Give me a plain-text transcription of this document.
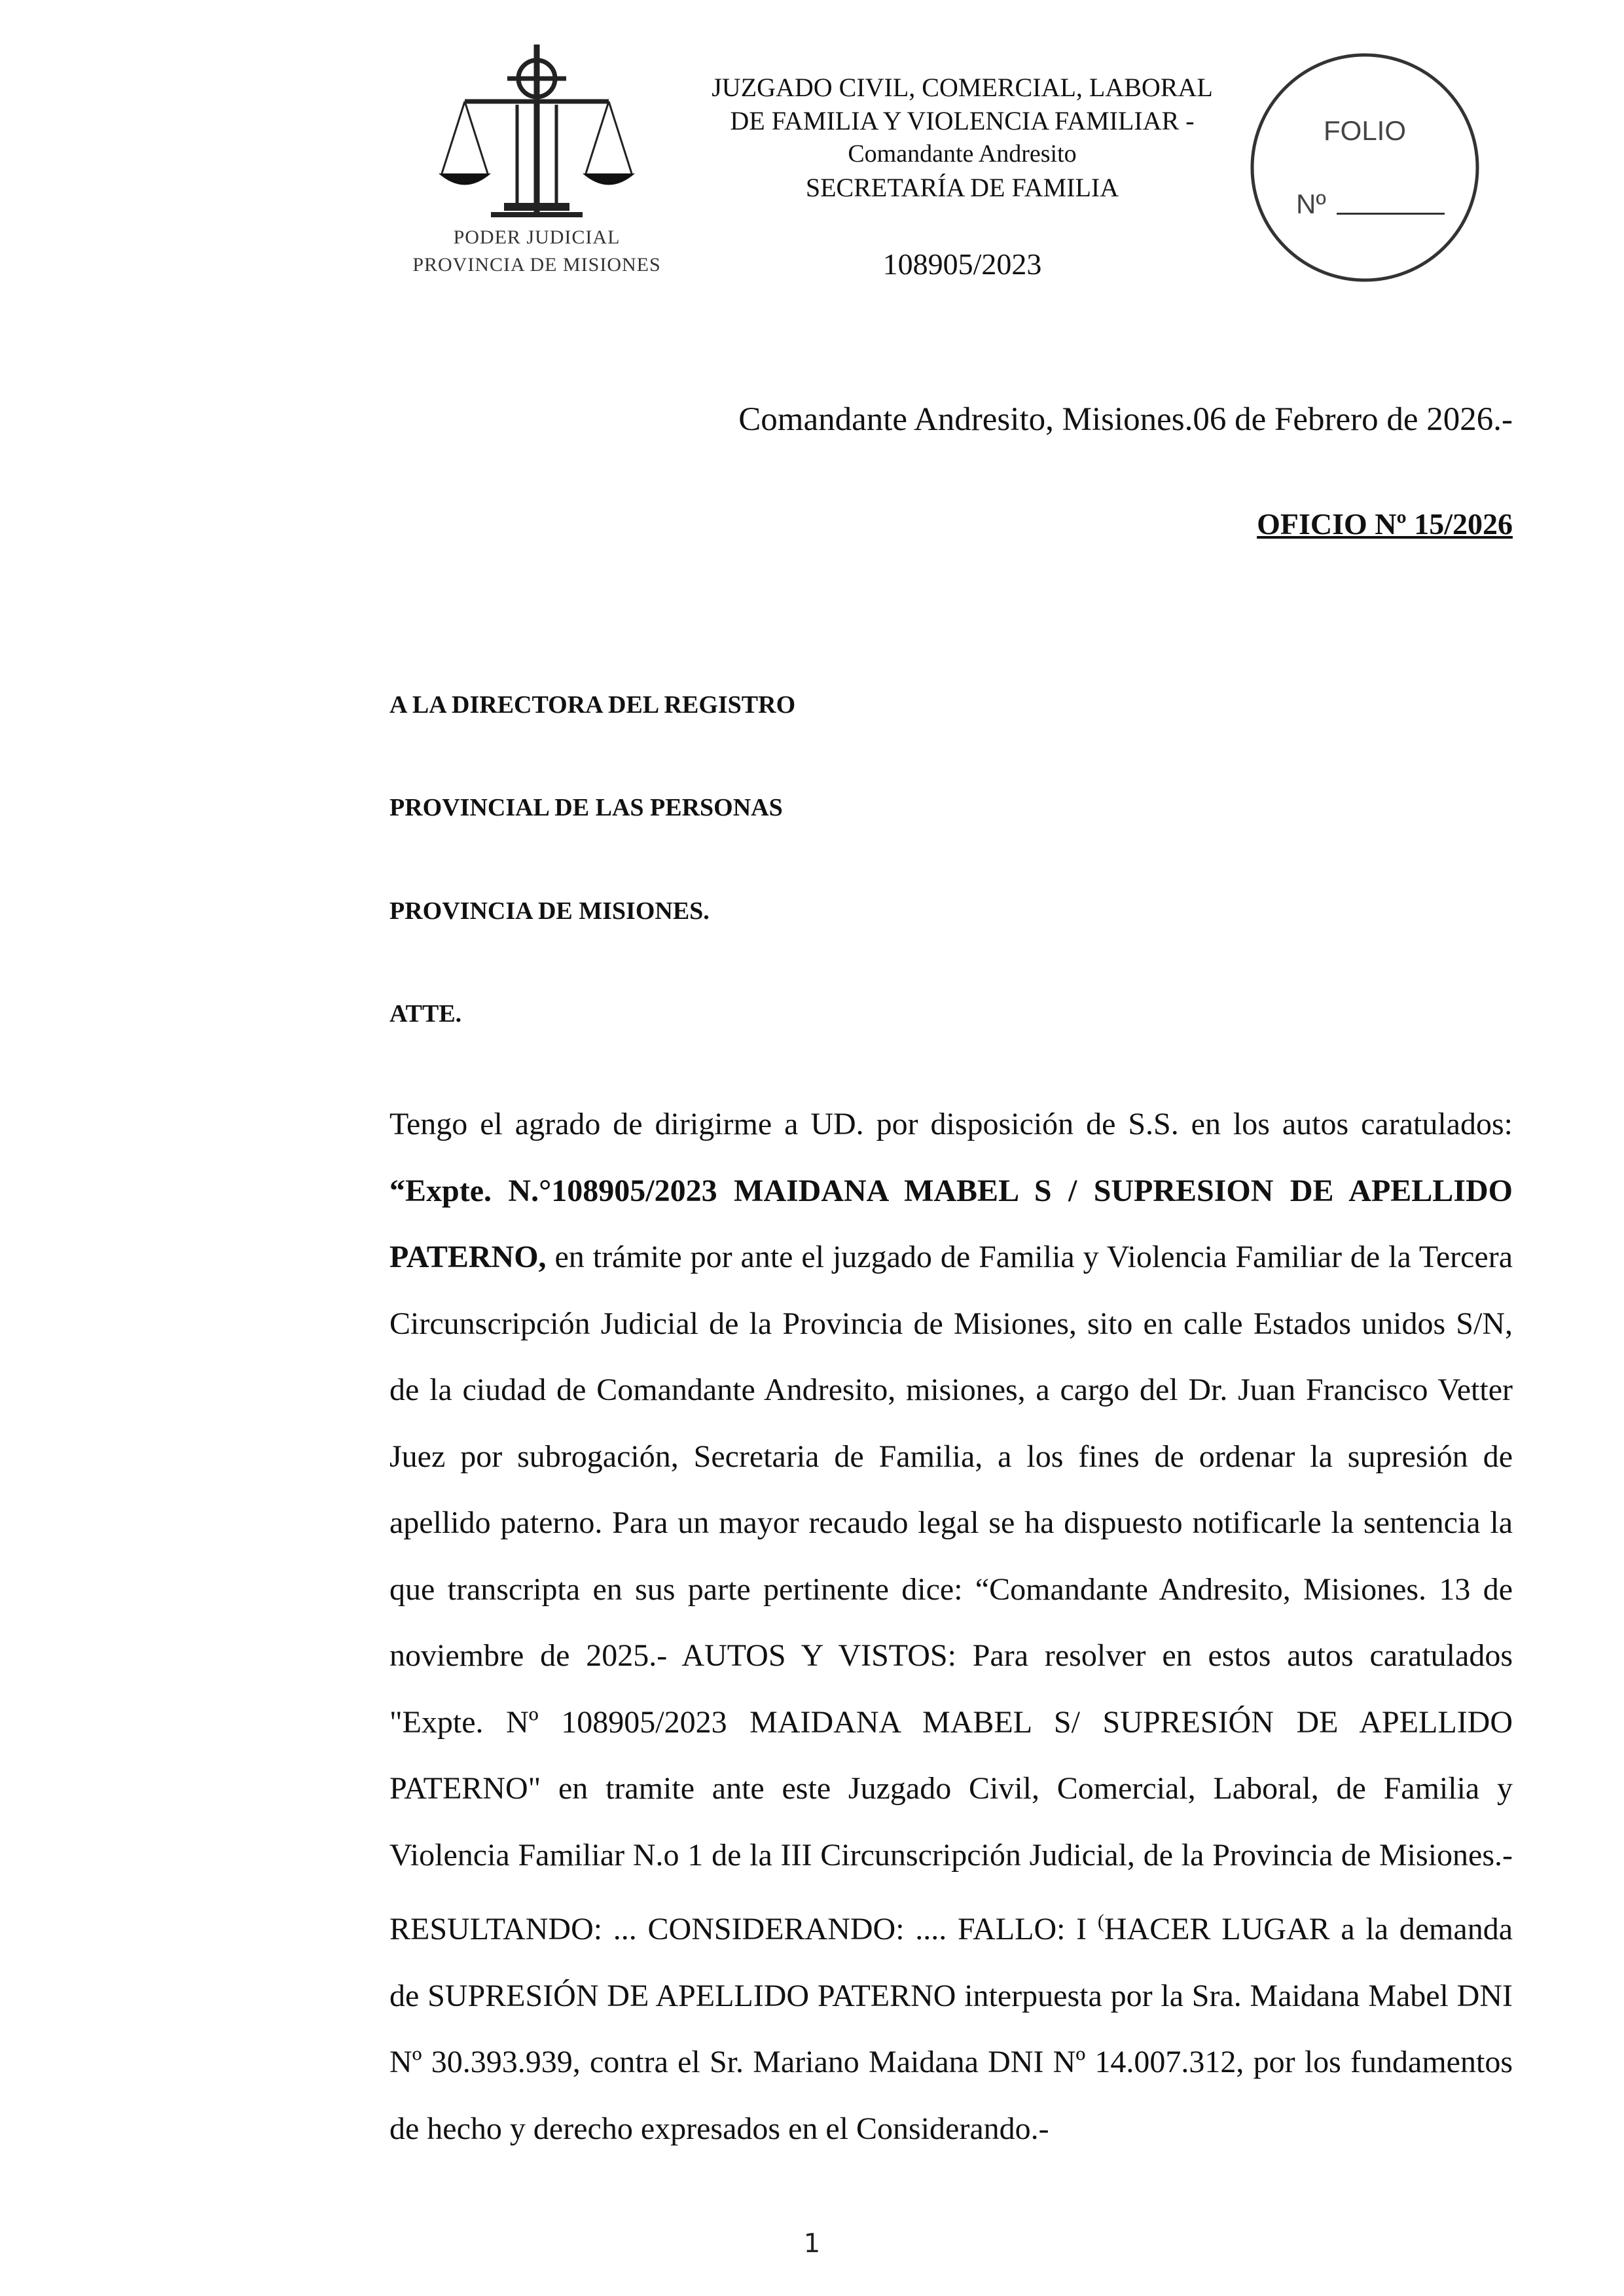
PODER JUDICIAL
PROVINCIA DE MISIONES
JUZGADO CIVIL, COMERCIAL, LABORAL
DE FAMILIA Y VIOLENCIA FAMILIAR -
Comandante Andresito
SECRETARÍA DE FAMILIA
108905/2023
FOLIO
Nº
Comandante Andresito, Misiones.06 de Febrero de 2026.-
OFICIO Nº 15/2026
A LA DIRECTORA DEL REGISTRO
PROVINCIAL DE LAS PERSONAS
PROVINCIA DE MISIONES.
ATTE.

Tengo el agrado de dirigirme a UD. por disposición de S.S. en los autos caratulados: “Expte. N.°108905/2023 MAIDANA MABEL S / SUPRESION DE APELLIDO PATERNO, en trámite por ante el juzgado de Familia y Violencia Familiar de la Tercera Circunscripción Judicial de la Provincia de Misiones, sito en calle Estados unidos S/N, de la ciudad de Comandante Andresito, misiones, a cargo del Dr. Juan Francisco Vetter Juez por subrogación, Secretaria de Familia, a los fines de ordenar la supresión de apellido paterno. Para un mayor recaudo legal se ha dispuesto notificarle la sentencia la que transcripta en sus parte pertinente dice: “Comandante Andresito, Misiones. 13 de noviembre de 2025.- AUTOS Y VISTOS: Para resolver en estos autos caratulados "Expte. Nº 108905/2023 MAIDANA MABEL S/ SUPRESIÓN DE APELLIDO PATERNO" en tramite ante este Juzgado Civil, Comercial, Laboral, de Familia y Violencia Familiar N.o 1 de la III Circunscripción Judicial, de la Provincia de Misiones.- RESULTANDO: ... CONSIDERANDO: .... FALLO: I (HACER LUGAR a la demanda de SUPRESIÓN DE APELLIDO PATERNO interpuesta por la Sra. Maidana Mabel DNI Nº 30.393.939, contra el Sr. Mariano Maidana DNI Nº 14.007.312, por los fundamentos de hecho y derecho expresados en el Considerando.-

1
